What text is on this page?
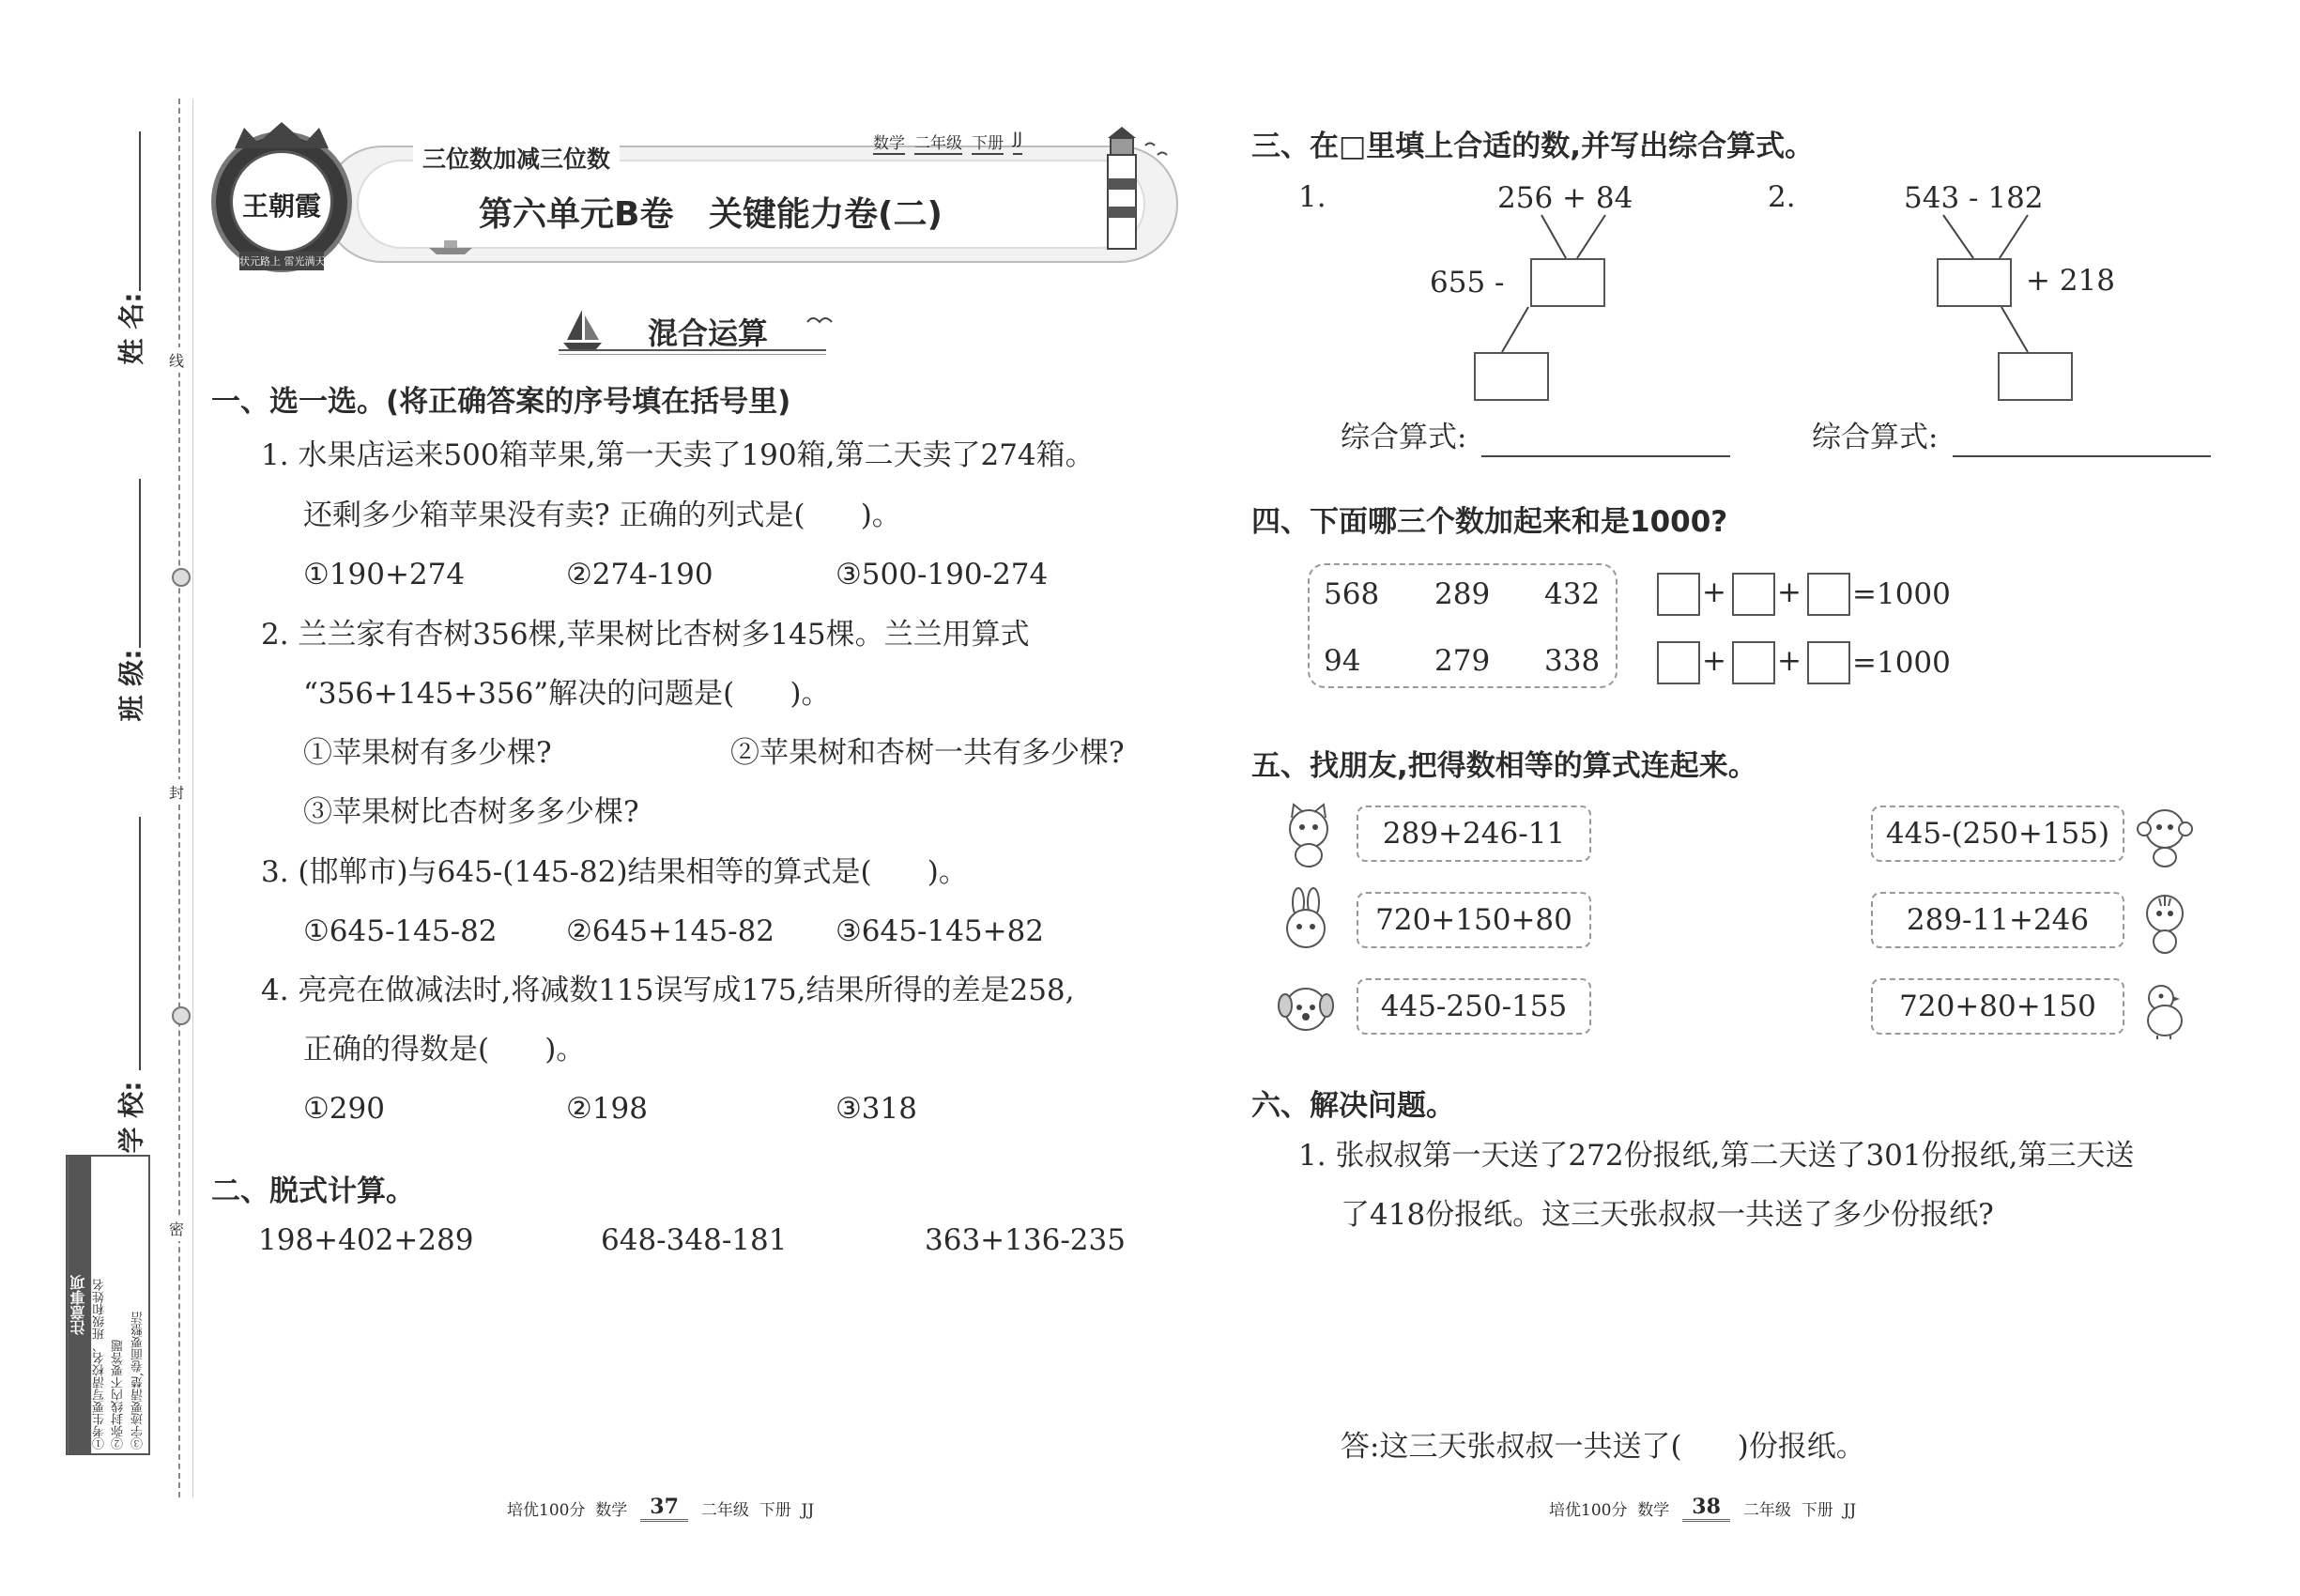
姓 名:
班 级:
学 校:
线
封
密
注意事项 ①考生要写清校名、班级和姓名 ②弥封线内不要答题 ③字迹要清楚,卷面要整洁
王朝霞
状元路上 雷光满天
三位数加减三位数
数学 二年级 下册 JJ
第六单元B卷   关键能力卷(二)
混合运算
一、选一选。(将正确答案的序号填在括号里)
1. 水果店运来500箱苹果,第一天卖了190箱,第二天卖了274箱。
还剩多少箱苹果没有卖? 正确的列式是(      )。
①190+274	②274-190	③500-190-274
2. 兰兰家有杏树356棵,苹果树比杏树多145棵。兰兰用算式
“356+145+356”解决的问题是(      )。
①苹果树有多少棵?	②苹果树和杏树一共有多少棵?
③苹果树比杏树多多少棵?
3. (邯郸市)与645-(145-82)结果相等的算式是(      )。
①645-145-82 ②645+145-82 ③645-145+82
4. 亮亮在做减法时,将减数115误写成175,结果所得的差是258,
正确的得数是(      )。
①290	②198	③318
二、脱式计算。
198+402+289	648-348-181	363+136-235
三、在□里填上合适的数,并写出综合算式。
1.	256 + 84
655 -
综合算式:
2.	543 - 182
+ 218
综合算式:
四、下面哪三个数加起来和是1000?
568 289 432
94	279 338
+ + =1000
+ + =1000
五、找朋友,把得数相等的算式连起来。
289+246-11
720+150+80
445-250-155
445-(250+155)
289-11+246
720+80+150
六、解决问题。
1. 张叔叔第一天送了272份报纸,第二天送了301份报纸,第三天送
了418份报纸。这三天张叔叔一共送了多少份报纸?
答:这三天张叔叔一共送了(      )份报纸。
培优100分  数学	37	二年级  下册  JJ	培优100分  数学	38	二年级  下册  JJ
